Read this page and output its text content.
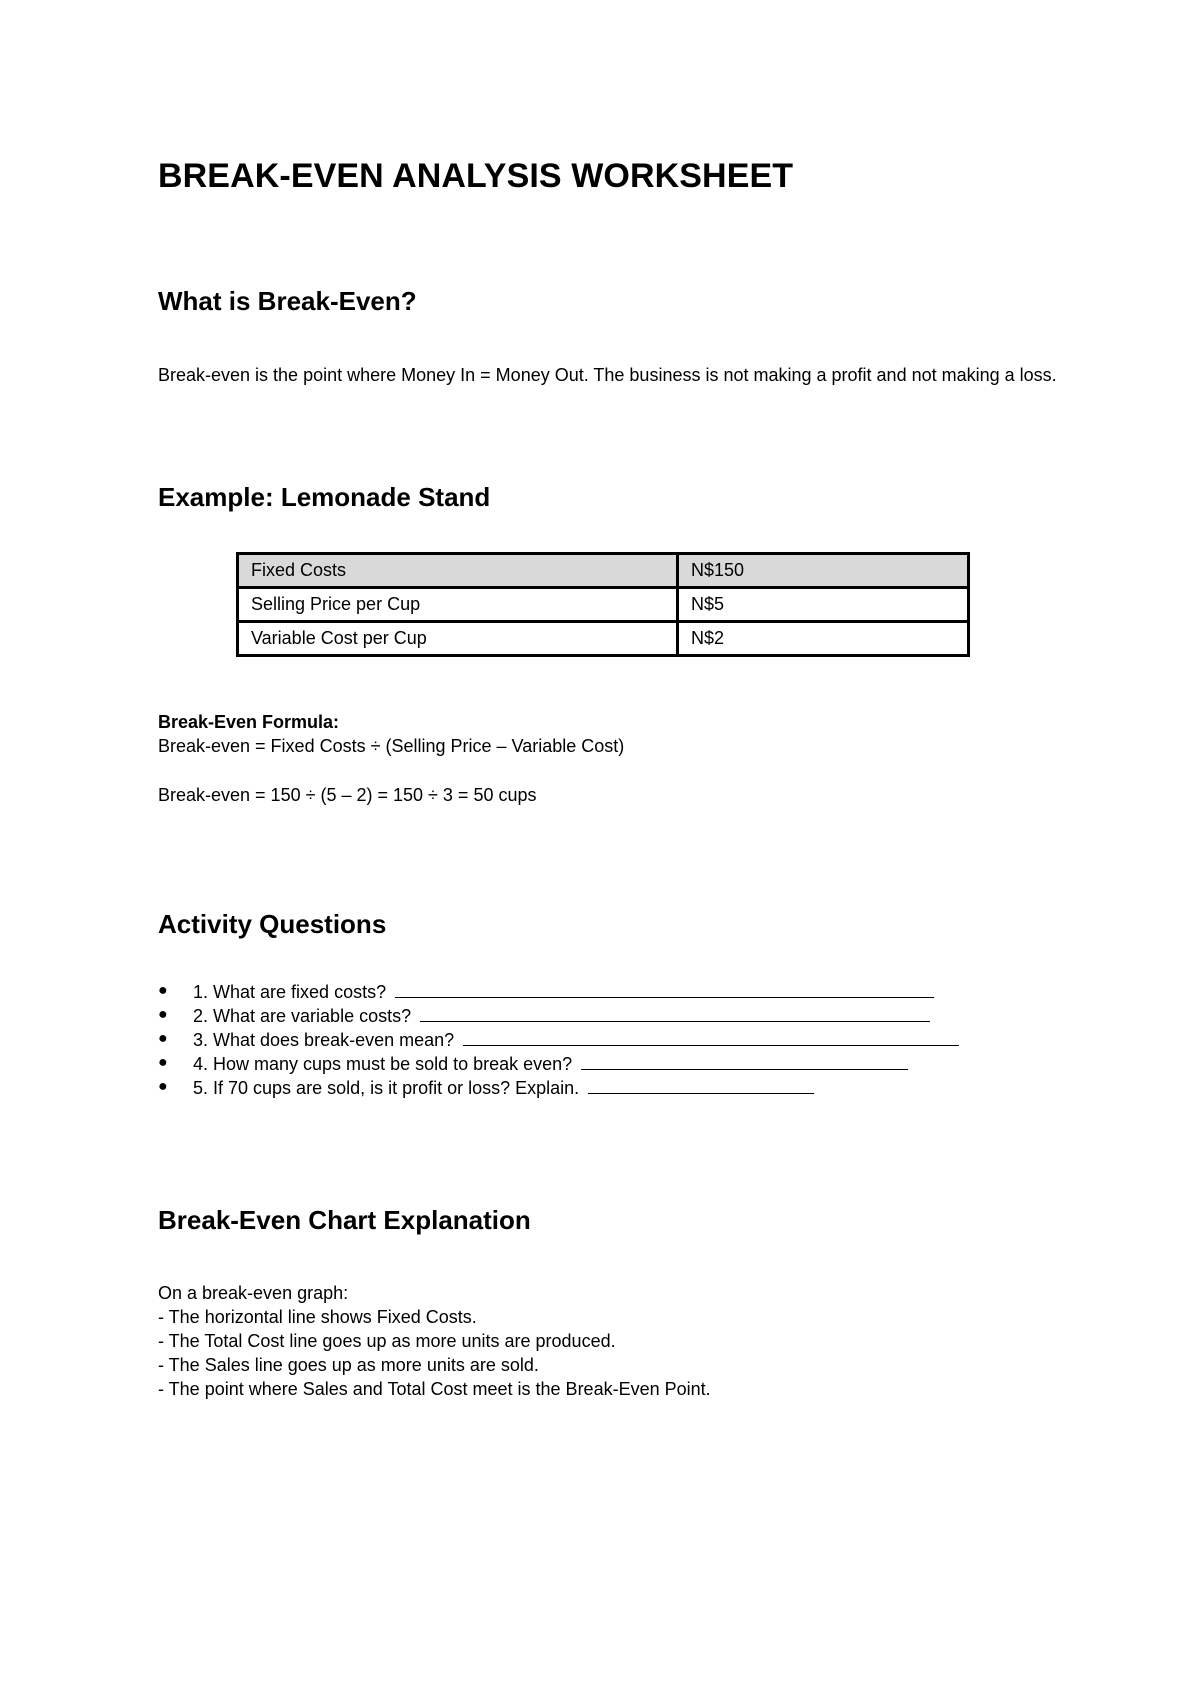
BREAK-EVEN ANALYSIS WORKSHEET
What is Break-Even?

Break-even is the point where Money In = Money Out. The business is not making a profit and not making a loss.

Example: Lemonade Stand
Fixed Costs	N$150
Selling Price per Cup	N$5
Variable Cost per Cup	N$2
Break-Even Formula:
Break-even = Fixed Costs ÷ (Selling Price – Variable Cost)

Break-even = 150 ÷ (5 – 2) = 150 ÷ 3 = 50 cups

Activity Questions
● 1. What are fixed costs?
● 2. What are variable costs?
● 3. What does break-even mean?
● 4. How many cups must be sold to break even?
● 5. If 70 cups are sold, is it profit or loss? Explain.
Break-Even Chart Explanation
On a break-even graph:
- The horizontal line shows Fixed Costs.
- The Total Cost line goes up as more units are produced.
- The Sales line goes up as more units are sold.
- The point where Sales and Total Cost meet is the Break-Even Point.
